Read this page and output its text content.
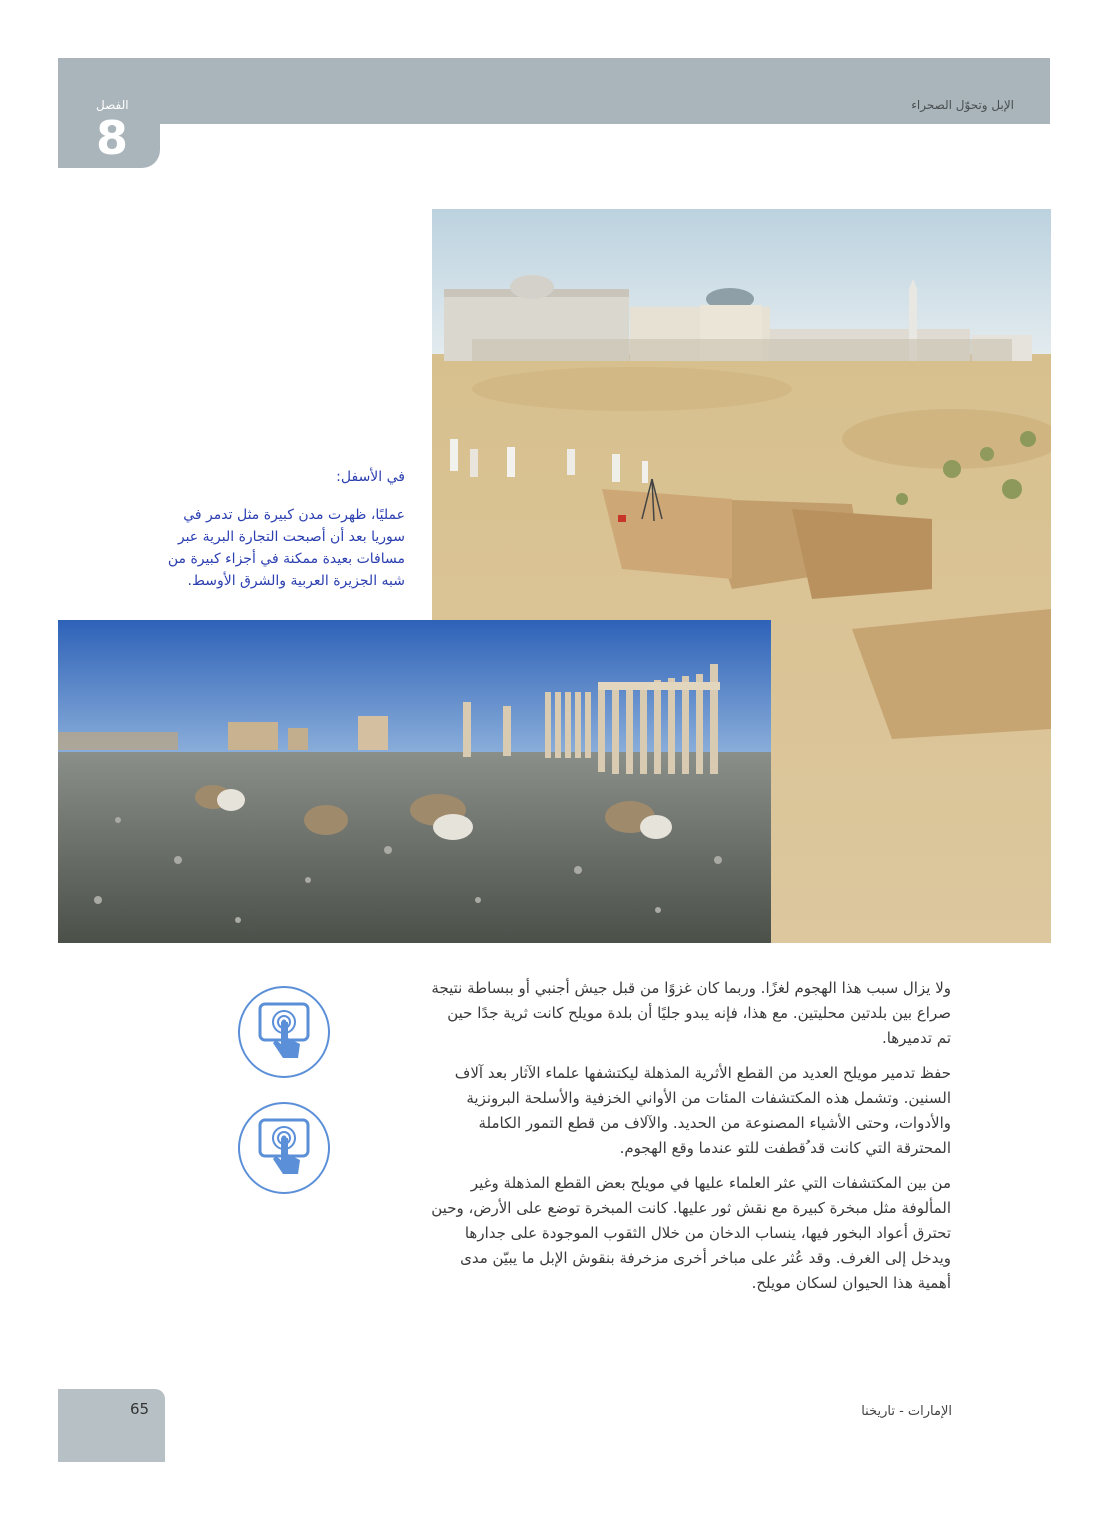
الفصل
8
الإبل وتحوّل الصحراء

في الأسفل:

عمليًا، ظهرت مدن كبيرة مثل تدمر في سوريا بعد أن أصبحت التجارة البرية عبر مسافات بعيدة ممكنة في أجزاء كبيرة من شبه الجزيرة العربية والشرق الأوسط.

ولا يزال سبب هذا الهجوم لغزًا. وربما كان غزوًا من قبل جيش أجنبي أو ببساطة نتيجة صراع بين بلدتين محليتين. مع هذا، فإنه يبدو جليًا أن بلدة مويلح كانت ثرية جدًا حين تم تدميرها.

حفظ تدمير مويلح العديد من القطع الأثرية المذهلة ليكتشفها علماء الآثار بعد آلاف السنين. وتشمل هذه المكتشفات المئات من الأواني الخزفية والأسلحة البرونزية والأدوات، وحتى الأشياء المصنوعة من الحديد. والآلاف من قطع التمور الكاملة المحترقة التي كانت قد ُقطفت للتو عندما وقع الهجوم.

من بين المكتشفات التي عثر العلماء عليها في مويلح بعض القطع المذهلة وغير المألوفة مثل مبخرة كبيرة مع نقش ثور عليها. كانت المبخرة توضع على الأرض، وحين تحترق أعواد البخور فيها، ينساب الدخان من خلال الثقوب الموجودة على جدارها ويدخل إلى الغرف. وقد عُثر على مباخر أخرى مزخرفة بنقوش الإبل ما يبيّن مدى أهمية هذا الحيوان لسكان مويلح.

65	الإمارات - تاريخنا
